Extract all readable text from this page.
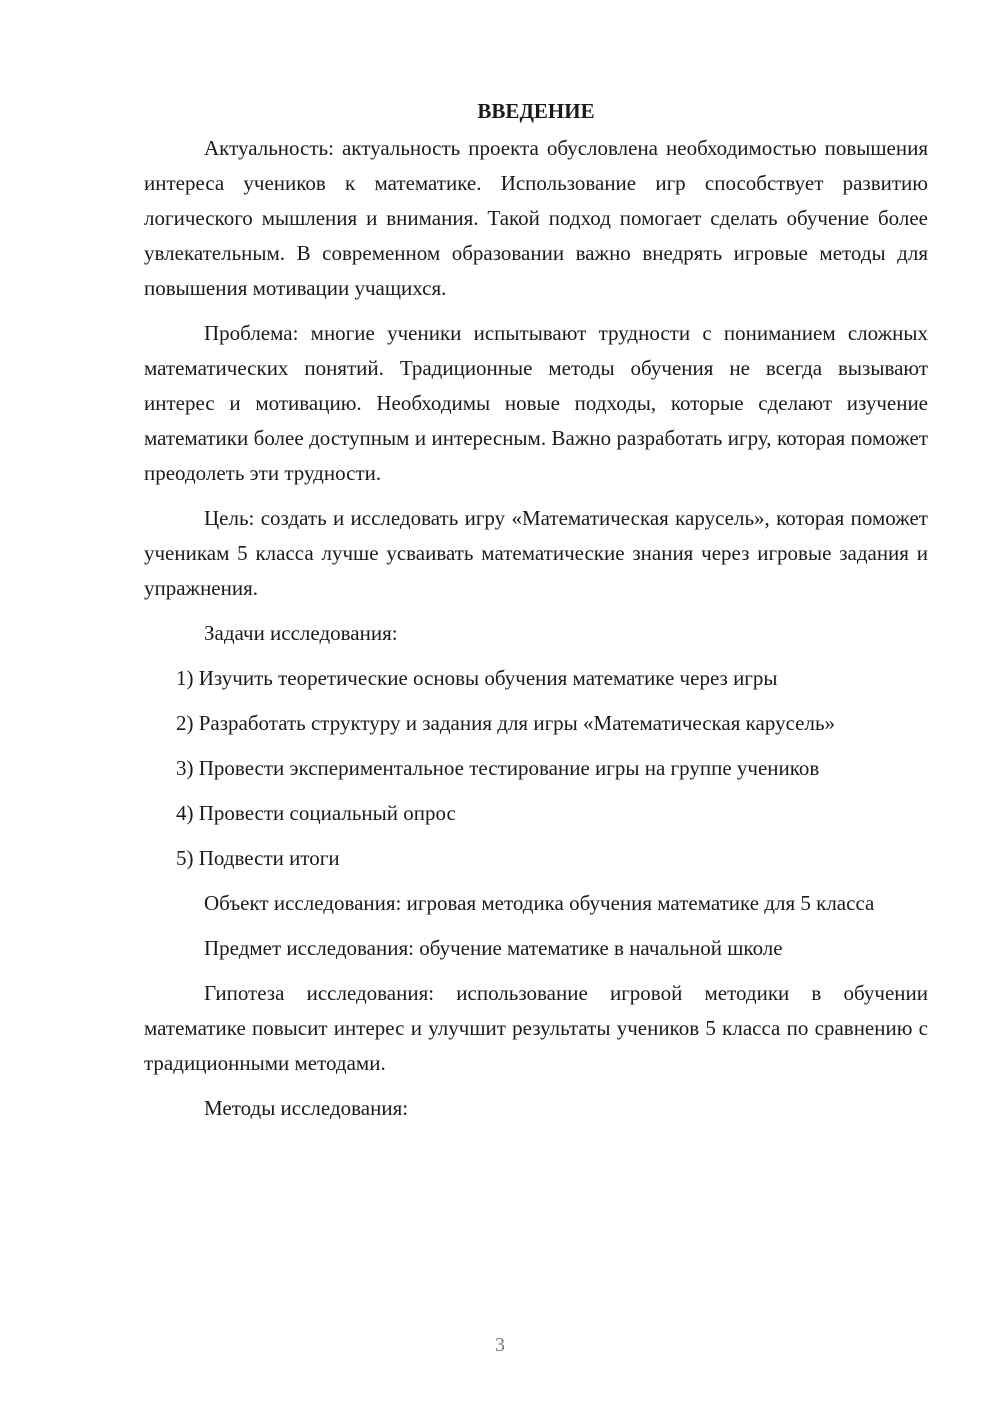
ВВЕДЕНИЕ

Актуальность: актуальность проекта обусловлена необходимостью повышения интереса учеников к математике. Использование игр способствует развитию логического мышления и внимания. Такой подход помогает сделать обучение более увлекательным. В современном образовании важно внедрять игровые методы для повышения мотивации учащихся.

Проблема: многие ученики испытывают трудности с пониманием сложных математических понятий. Традиционные методы обучения не всегда вызывают интерес и мотивацию. Необходимы новые подходы, которые сделают изучение математики более доступным и интересным. Важно разработать игру, которая поможет преодолеть эти трудности.

Цель: создать и исследовать игру «Математическая карусель», которая поможет ученикам 5 класса лучше усваивать математические знания через игровые задания и упражнения.

Задачи исследования:

1) Изучить теоретические основы обучения математике через игры

2) Разработать структуру и задания для игры «Математическая карусель»

3) Провести экспериментальное тестирование игры на группе учеников

4) Провести социальный опрос

5) Подвести итоги

Объект исследования: игровая методика обучения математике для 5 класса

Предмет исследования: обучение математике в начальной школе

Гипотеза исследования: использование игровой методики в обучении математике повысит интерес и улучшит результаты учеников 5 класса по сравнению с традиционными методами.

Методы исследования:

3
